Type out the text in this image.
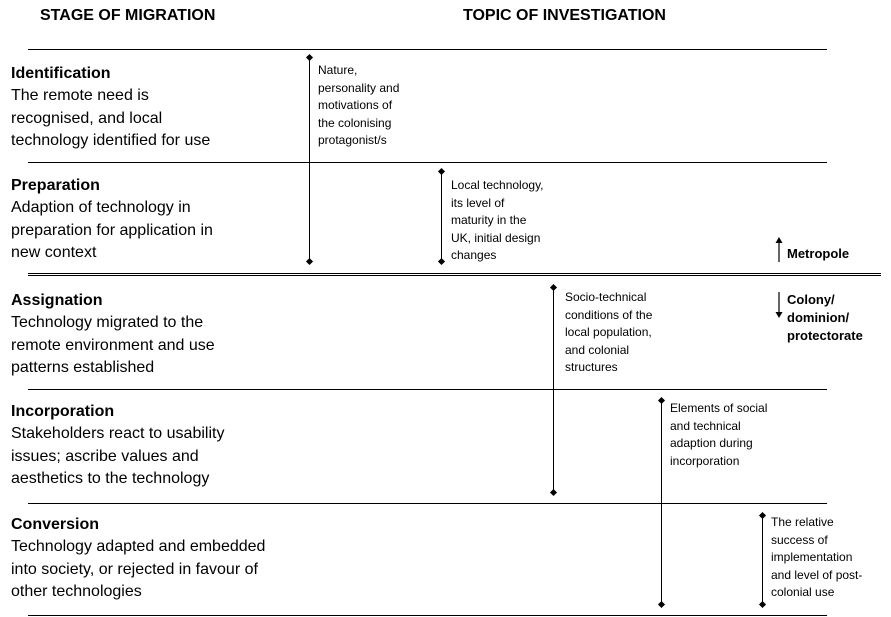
STAGE OF MIGRATION	TOPIC OF INVESTIGATION
Identification
The remote need is
recognised, and local
technology identified for use
Preparation
Adaption of technology in
preparation for application in
new context
Assignation
Technology migrated to the
remote environment and use
patterns established
Incorporation
Stakeholders react to usability
issues; ascribe values and
aesthetics to the technology
Conversion
Technology adapted and embedded
into society, or rejected in favour of
other technologies
Nature,
personality and
motivations of
the colonising
protagonist/s
Local technology,
its level of
maturity in the
UK, initial design
changes
Socio-technical
conditions of the
local population,
and colonial
structures
Elements of social
and technical
adaption during
incorporation
The relative
success of
implementation
and level of post-
colonial use
Metropole
Colony/
dominion/
protectorate
